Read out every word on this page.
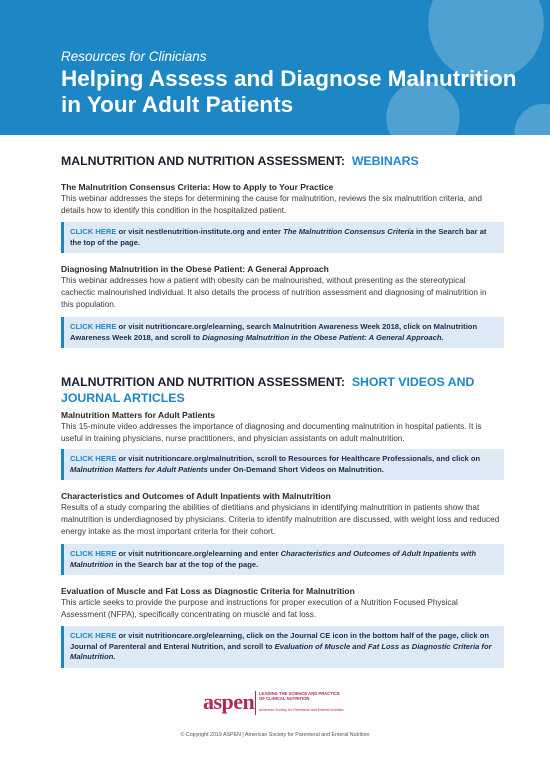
Resources for Clinicians
Helping Assess and Diagnose Malnutrition in Your Adult Patients
MALNUTRITION AND NUTRITION ASSESSMENT: WEBINARS
The Malnutrition Consensus Criteria: How to Apply to Your Practice
This webinar addresses the steps for determining the cause for malnutrition, reviews the six malnutrition criteria, and details how to identify this condition in the hospitalized patient.
CLICK HERE or visit nestlenutrition-institute.org and enter The Malnutrition Consensus Criteria in the Search bar at the top of the page.
Diagnosing Malnutrition in the Obese Patient: A General Approach
This webinar addresses how a patient with obesity can be malnourished, without presenting as the stereotypical cachectic malnourished individual. It also details the process of nutrition assessment and diagnosing of malnutrition in this population.
CLICK HERE or visit nutritioncare.org/elearning, search Malnutrition Awareness Week 2018, click on Malnutrition Awareness Week 2018, and scroll to Diagnosing Malnutrition in the Obese Patient: A General Approach.
MALNUTRITION AND NUTRITION ASSESSMENT: SHORT VIDEOS AND JOURNAL ARTICLES
Malnutrition Matters for Adult Patients
This 15-minute video addresses the importance of diagnosing and documenting malnutrition in hospital patients. It is useful in training physicians, nurse practitioners, and physician assistants on adult malnutrition.
CLICK HERE or visit nutritioncare.org/malnutrition, scroll to Resources for Healthcare Professionals, and click on Malnutrition Matters for Adult Patients under On-Demand Short Videos on Malnutrition.
Characteristics and Outcomes of Adult Inpatients with Malnutrition
Results of a study comparing the abilities of dietitians and physicians in identifying malnutrition in patients show that malnutrition is underdiagnosed by physicians. Criteria to identify malnutrition are discussed, with weight loss and reduced energy intake as the most important criteria for their cohort.
CLICK HERE or visit nutritioncare.org/elearning and enter Characteristics and Outcomes of Adult Inpatients with Malnutrition in the Search bar at the top of the page.
Evaluation of Muscle and Fat Loss as Diagnostic Criteria for Malnutrition
This article seeks to provide the purpose and instructions for proper execution of a Nutrition Focused Physical Assessment (NFPA), specifically concentrating on muscle and fat loss.
CLICK HERE or visit nutritioncare.org/elearning, click on the Journal CE icon in the bottom half of the page, click on Journal of Parenteral and Enteral Nutrition, and scroll to Evaluation of Muscle and Fat Loss as Diagnostic Criteria for Malnutrition.
aspen LEADING THE SCIENCE AND PRACTICE OF CLINICAL NUTRITION
American Society for Parenteral and Enteral Nutrition
© Copyright 2019 ASPEN | American Society for Parenteral and Enteral Nutrition
